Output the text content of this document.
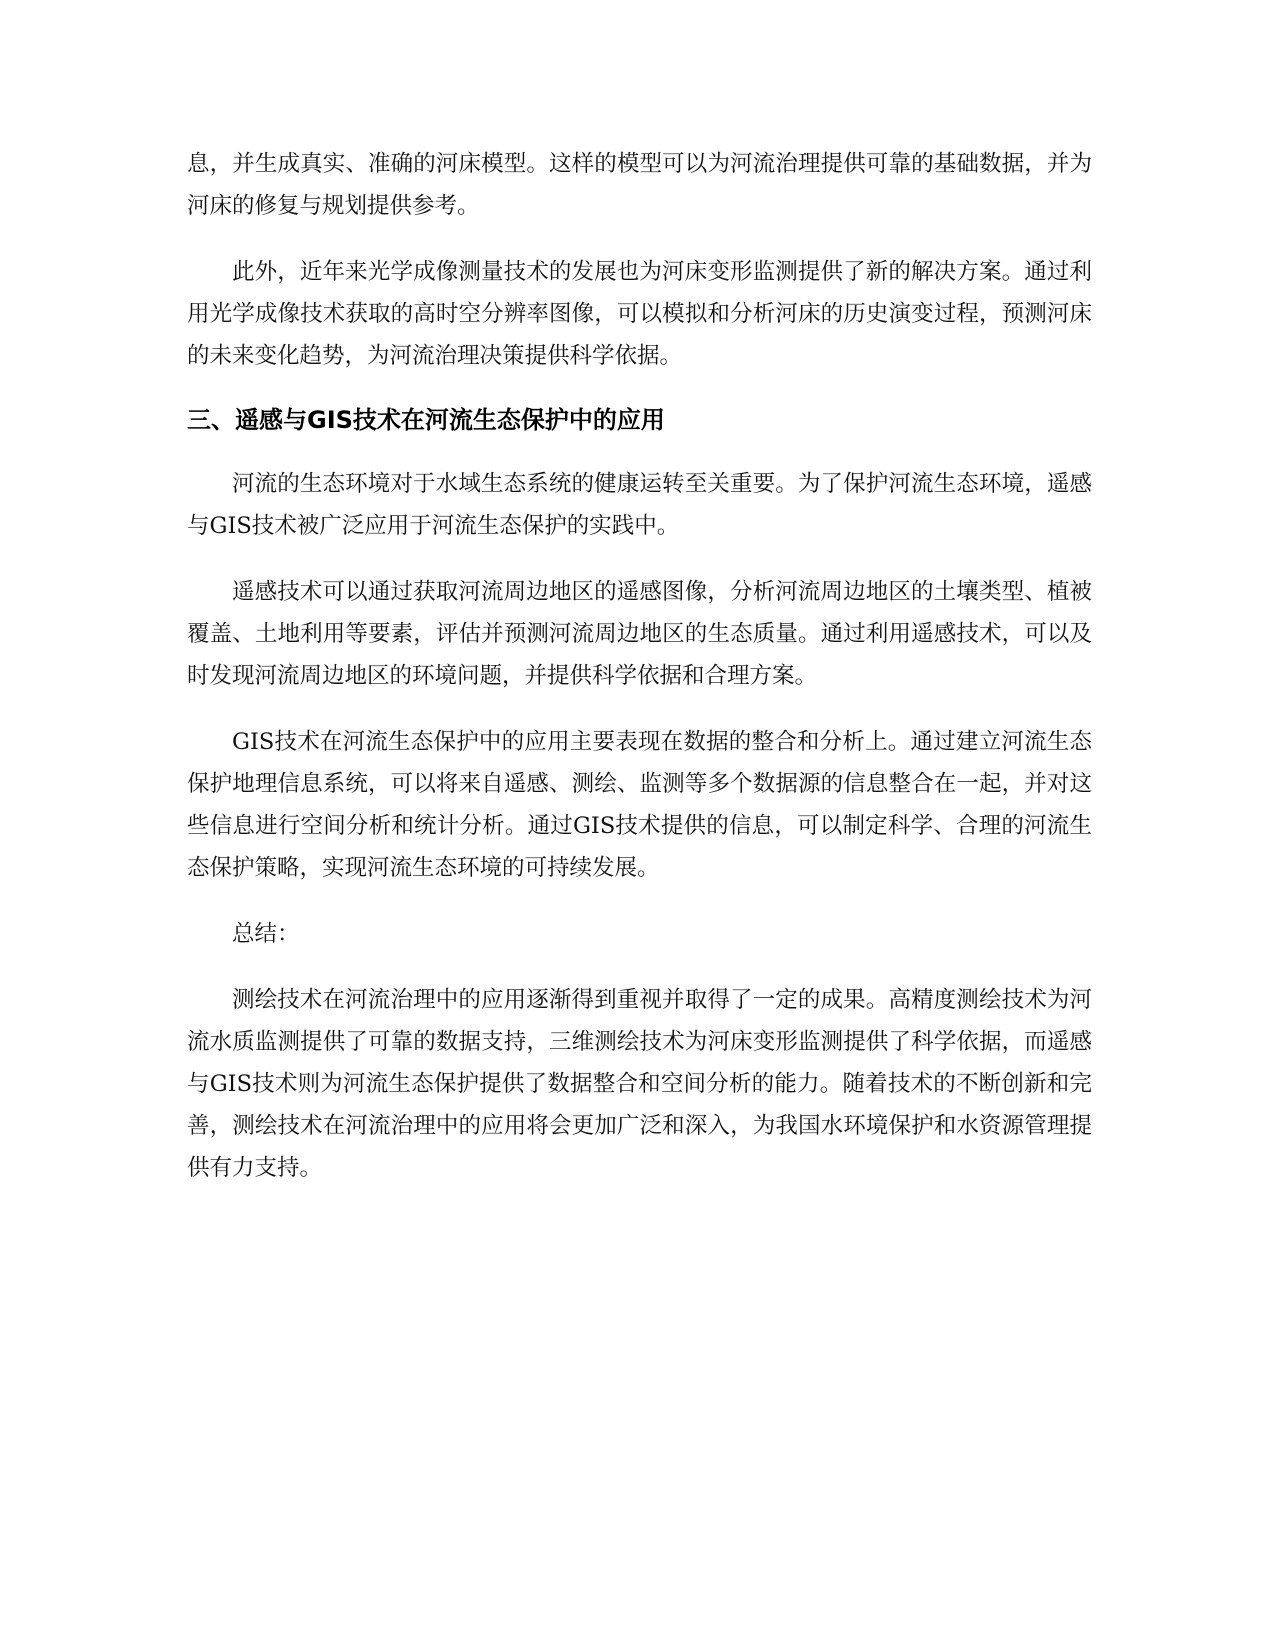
息，并生成真实、准确的河床模型。这样的模型可以为河流治理提供可靠的基础数据，并为河床的修复与规划提供参考。

此外，近年来光学成像测量技术的发展也为河床变形监测提供了新的解决方案。通过利用光学成像技术获取的高时空分辨率图像，可以模拟和分析河床的历史演变过程，预测河床的未来变化趋势，为河流治理决策提供科学依据。

三、遥感与GIS技术在河流生态保护中的应用

河流的生态环境对于水域生态系统的健康运转至关重要。为了保护河流生态环境，遥感与GIS技术被广泛应用于河流生态保护的实践中。

遥感技术可以通过获取河流周边地区的遥感图像，分析河流周边地区的土壤类型、植被覆盖、土地利用等要素，评估并预测河流周边地区的生态质量。通过利用遥感技术，可以及时发现河流周边地区的环境问题，并提供科学依据和合理方案。

GIS技术在河流生态保护中的应用主要表现在数据的整合和分析上。通过建立河流生态保护地理信息系统，可以将来自遥感、测绘、监测等多个数据源的信息整合在一起，并对这些信息进行空间分析和统计分析。通过GIS技术提供的信息，可以制定科学、合理的河流生态保护策略，实现河流生态环境的可持续发展。

总结：

测绘技术在河流治理中的应用逐渐得到重视并取得了一定的成果。高精度测绘技术为河流水质监测提供了可靠的数据支持，三维测绘技术为河床变形监测提供了科学依据，而遥感与GIS技术则为河流生态保护提供了数据整合和空间分析的能力。随着技术的不断创新和完善，测绘技术在河流治理中的应用将会更加广泛和深入，为我国水环境保护和水资源管理提供有力支持。
